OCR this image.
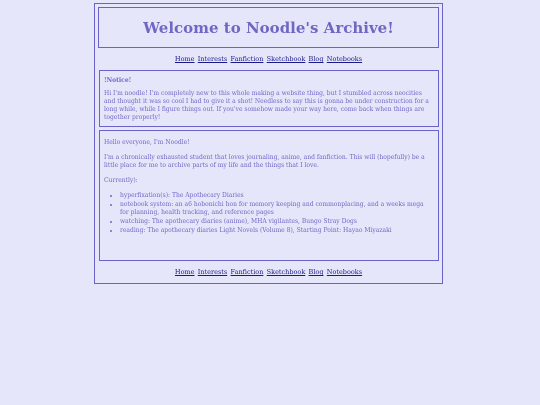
Welcome to Noodle's Archive!
Home Interests Fanfiction Sketchbook Blog Notebooks
!Notice!
Hi I'm noodle! I'm completely new to this whole making a website thing, but I stumbled across neocities and thought it was so cool I had to give it a shot! Needless to say this is gonna be under construction for a long while, while I figure things out. If you've somehow made your way here, come back when things are together properly!
Hello everyone, I'm Noodle!
I'm a chronically exhausted student that loves journaling, anime, and fanfiction. This will (hopefully) be a little place for me to archive parts of my life and the things that I love.
Currently):
• hyperfixation(s): The Apothecary Diaries
• notebook system: an a6 hobonichi hon for memory keeping and commonplacing, and a weeks mega for planning, health tracking, and reference pages
• watching: The apothecary diaries (anime), MHA vigilantes, Bungo Stray Dogs
• reading: The apothecary diaries Light Novels (Volume 8), Starting Point: Hayao Miyazaki
Home Interests Fanfiction Sketchbook Blog Notebooks
